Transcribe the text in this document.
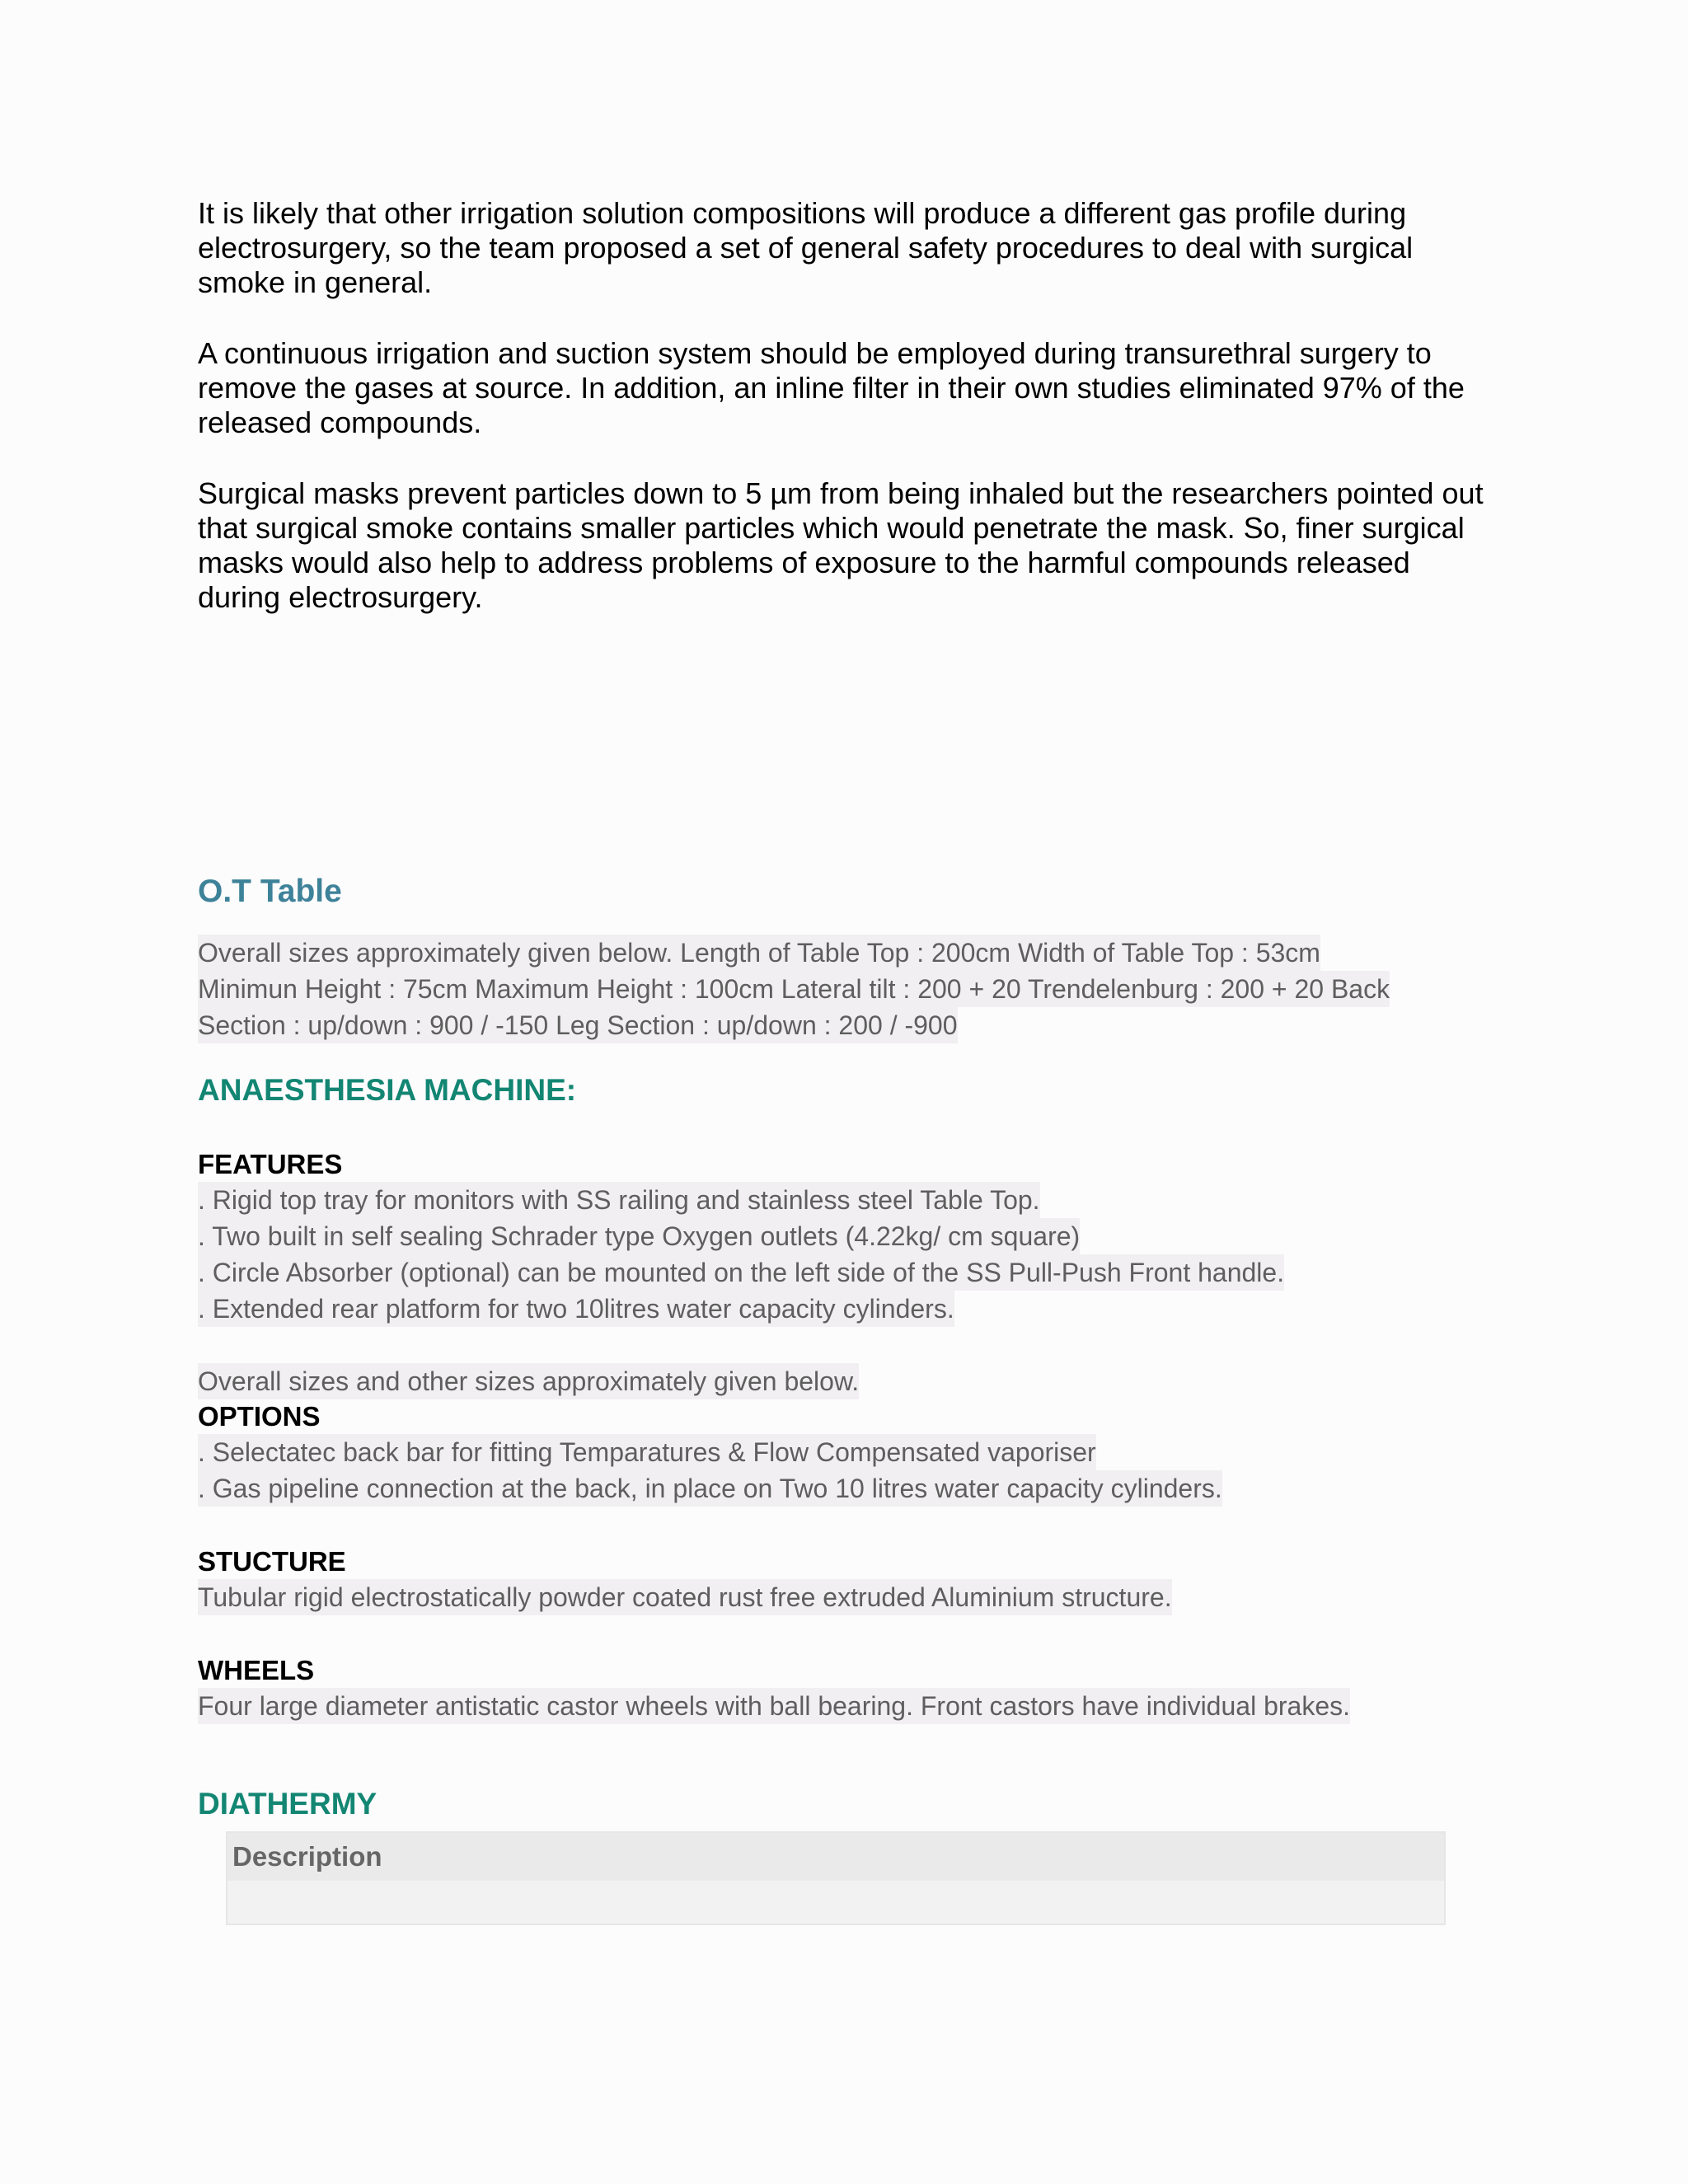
It is likely that other irrigation solution compositions will produce a different gas profile during electrosurgery, so the team proposed a set of general safety procedures to deal with surgical smoke in general.

A continuous irrigation and suction system should be employed during transurethral surgery to remove the gases at source. In addition, an inline filter in their own studies eliminated 97% of the released compounds.

Surgical masks prevent particles down to 5 µm from being inhaled but the researchers pointed out that surgical smoke contains smaller particles which would penetrate the mask. So, finer surgical masks would also help to address problems of exposure to the harmful compounds released during electrosurgery.

O.T Table
Overall sizes approximately given below. Length of Table Top : 200cm Width of Table Top : 53cm
Minimun Height : 75cm Maximum Height : 100cm Lateral tilt : 200 + 20 Trendelenburg : 200 + 20 Back
Section : up/down : 900 / -150 Leg Section : up/down : 200 / -900
ANAESTHESIA MACHINE:
FEATURES
. Rigid top tray for monitors with SS railing and stainless steel Table Top.
. Two built in self sealing Schrader type Oxygen outlets (4.22kg/ cm square)
. Circle Absorber (optional) can be mounted on the left side of the SS Pull-Push Front handle.
. Extended rear platform for two 10litres water capacity cylinders.
Overall sizes and other sizes approximately given below.
OPTIONS
. Selectatec back bar for fitting Temparatures & Flow Compensated vaporiser
. Gas pipeline connection at the back, in place on Two 10 litres water capacity cylinders.
STUCTURE
Tubular rigid electrostatically powder coated rust free extruded Aluminium structure.
WHEELS
Four large diameter antistatic castor wheels with ball bearing. Front castors have individual brakes.
DIATHERMY
Description
